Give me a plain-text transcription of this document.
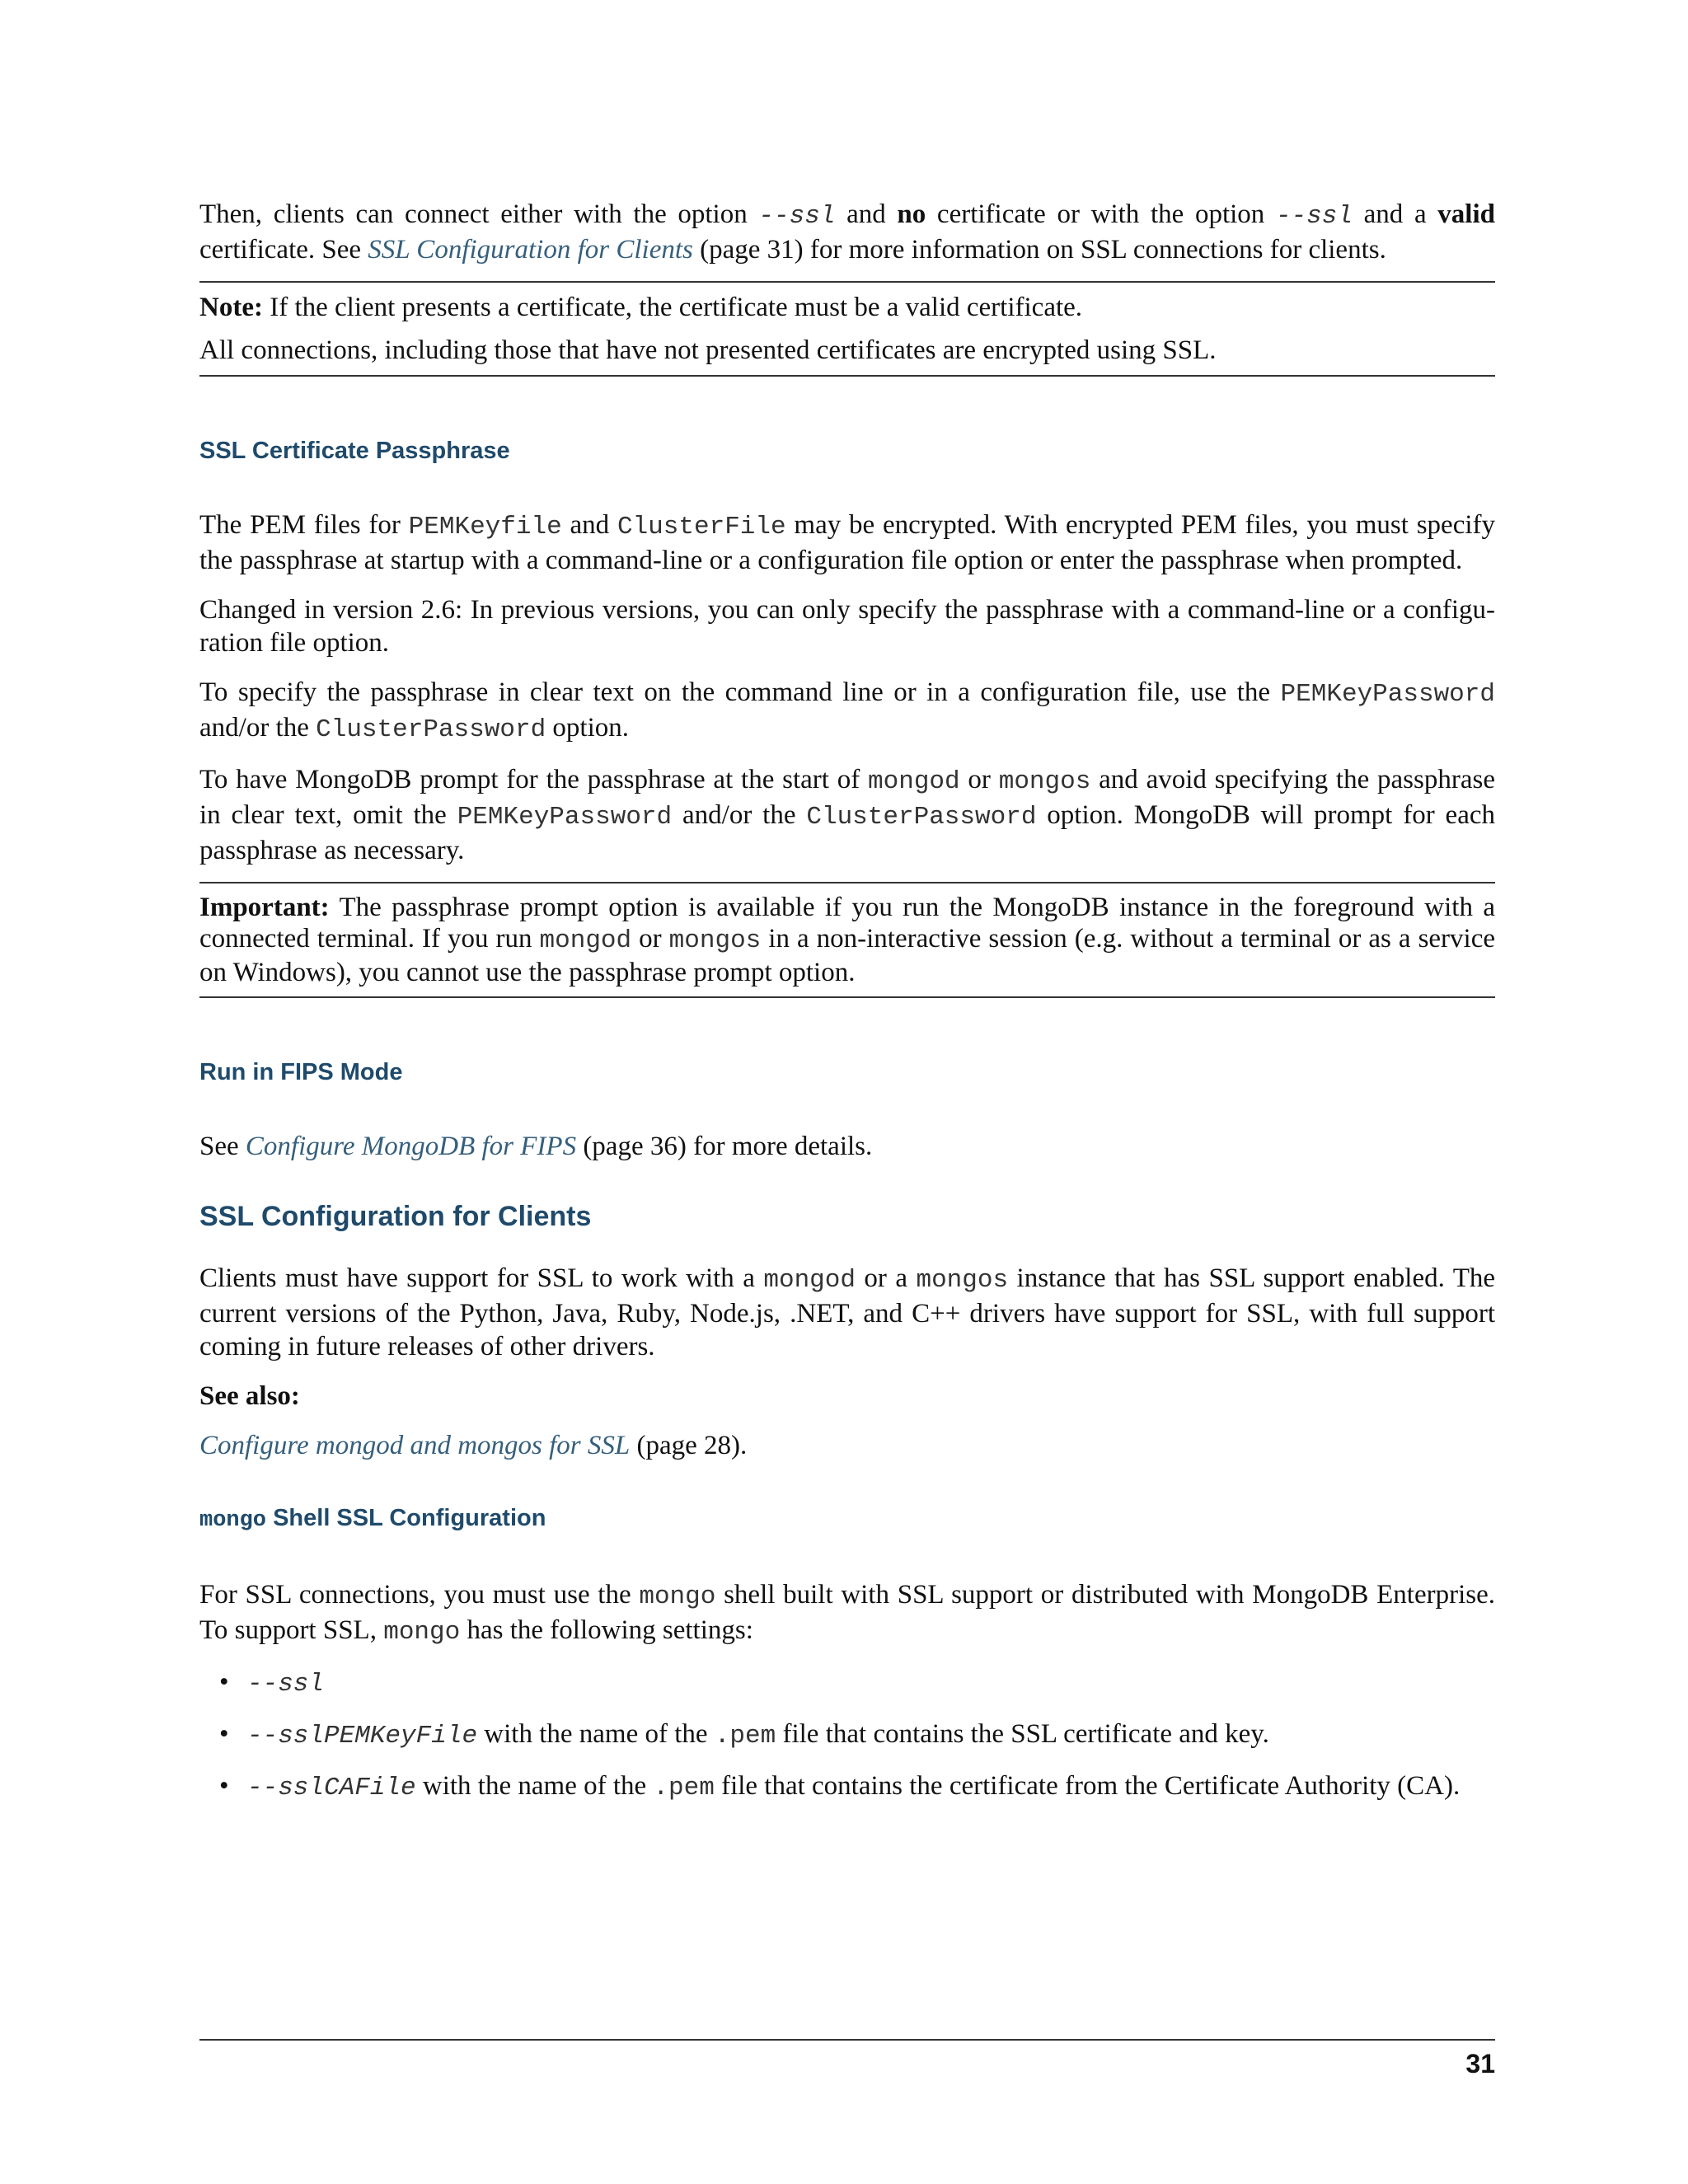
Then, clients can connect either with the option --ssl and no certificate or with the option --ssl and a valid certificate. See SSL Configuration for Clients (page 31) for more information on SSL connections for clients.

Note: If the client presents a certificate, the certificate must be a valid certificate.

All connections, including those that have not presented certificates are encrypted using SSL.

SSL Certificate Passphrase

The PEM files for PEMKeyfile and ClusterFile may be encrypted. With encrypted PEM files, you must specify the passphrase at startup with a command-line or a configuration file option or enter the passphrase when prompted.

Changed in version 2.6: In previous versions, you can only specify the passphrase with a command-line or a configu-ration file option.

To specify the passphrase in clear text on the command line or in a configuration file, use the PEMKeyPassword and/or the ClusterPassword option.

To have MongoDB prompt for the passphrase at the start of mongod or mongos and avoid specifying the passphrase in clear text, omit the PEMKeyPassword and/or the ClusterPassword option. MongoDB will prompt for each passphrase as necessary.

Important: The passphrase prompt option is available if you run the MongoDB instance in the foreground with a connected terminal. If you run mongod or mongos in a non-interactive session (e.g. without a terminal or as a service on Windows), you cannot use the passphrase prompt option.

Run in FIPS Mode

See Configure MongoDB for FIPS (page 36) for more details.

SSL Configuration for Clients

Clients must have support for SSL to work with a mongod or a mongos instance that has SSL support enabled. The current versions of the Python, Java, Ruby, Node.js, .NET, and C++ drivers have support for SSL, with full support coming in future releases of other drivers.

See also:

Configure mongod and mongos for SSL (page 28).

mongo Shell SSL Configuration

For SSL connections, you must use the mongo shell built with SSL support or distributed with MongoDB Enterprise. To support SSL, mongo has the following settings:

• --ssl
• --sslPEMKeyFile with the name of the .pem file that contains the SSL certificate and key.
• --sslCAFile with the name of the .pem file that contains the certificate from the Certificate Authority (CA).
31
